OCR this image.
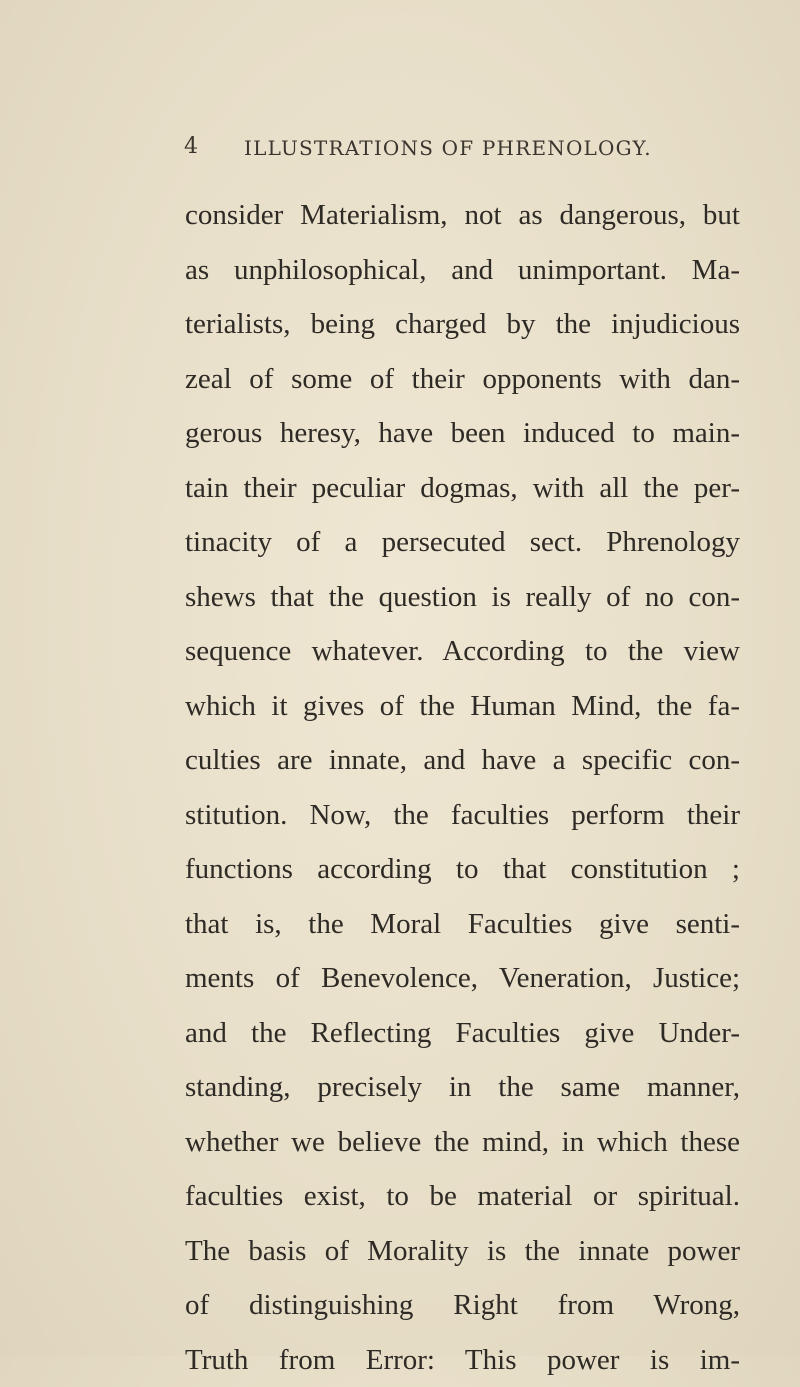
4 ILLUSTRATIONS OF PHRENOLOGY.
consider Materialism, not as dangerous, but
as unphilosophical, and unimportant. Ma-
terialists, being charged by the injudicious
zeal of some of their opponents with dan-
gerous heresy, have been induced to main-
tain their peculiar dogmas, with all the per-
tinacity of a persecuted sect. Phrenology
shews that the question is really of no con-
sequence whatever. According to the view
which it gives of the Human Mind, the fa-
culties are innate, and have a specific con-
stitution. Now, the faculties perform their
functions according to that constitution ;
that is, the Moral Faculties give senti-
ments of Benevolence, Veneration, Justice;
and the Reflecting Faculties give Under-
standing, precisely in the same manner,
whether we believe the mind, in which these
faculties exist, to be material or spiritual.
The basis of Morality is the innate power
of distinguishing Right from Wrong,
Truth from Error: This power is im-
